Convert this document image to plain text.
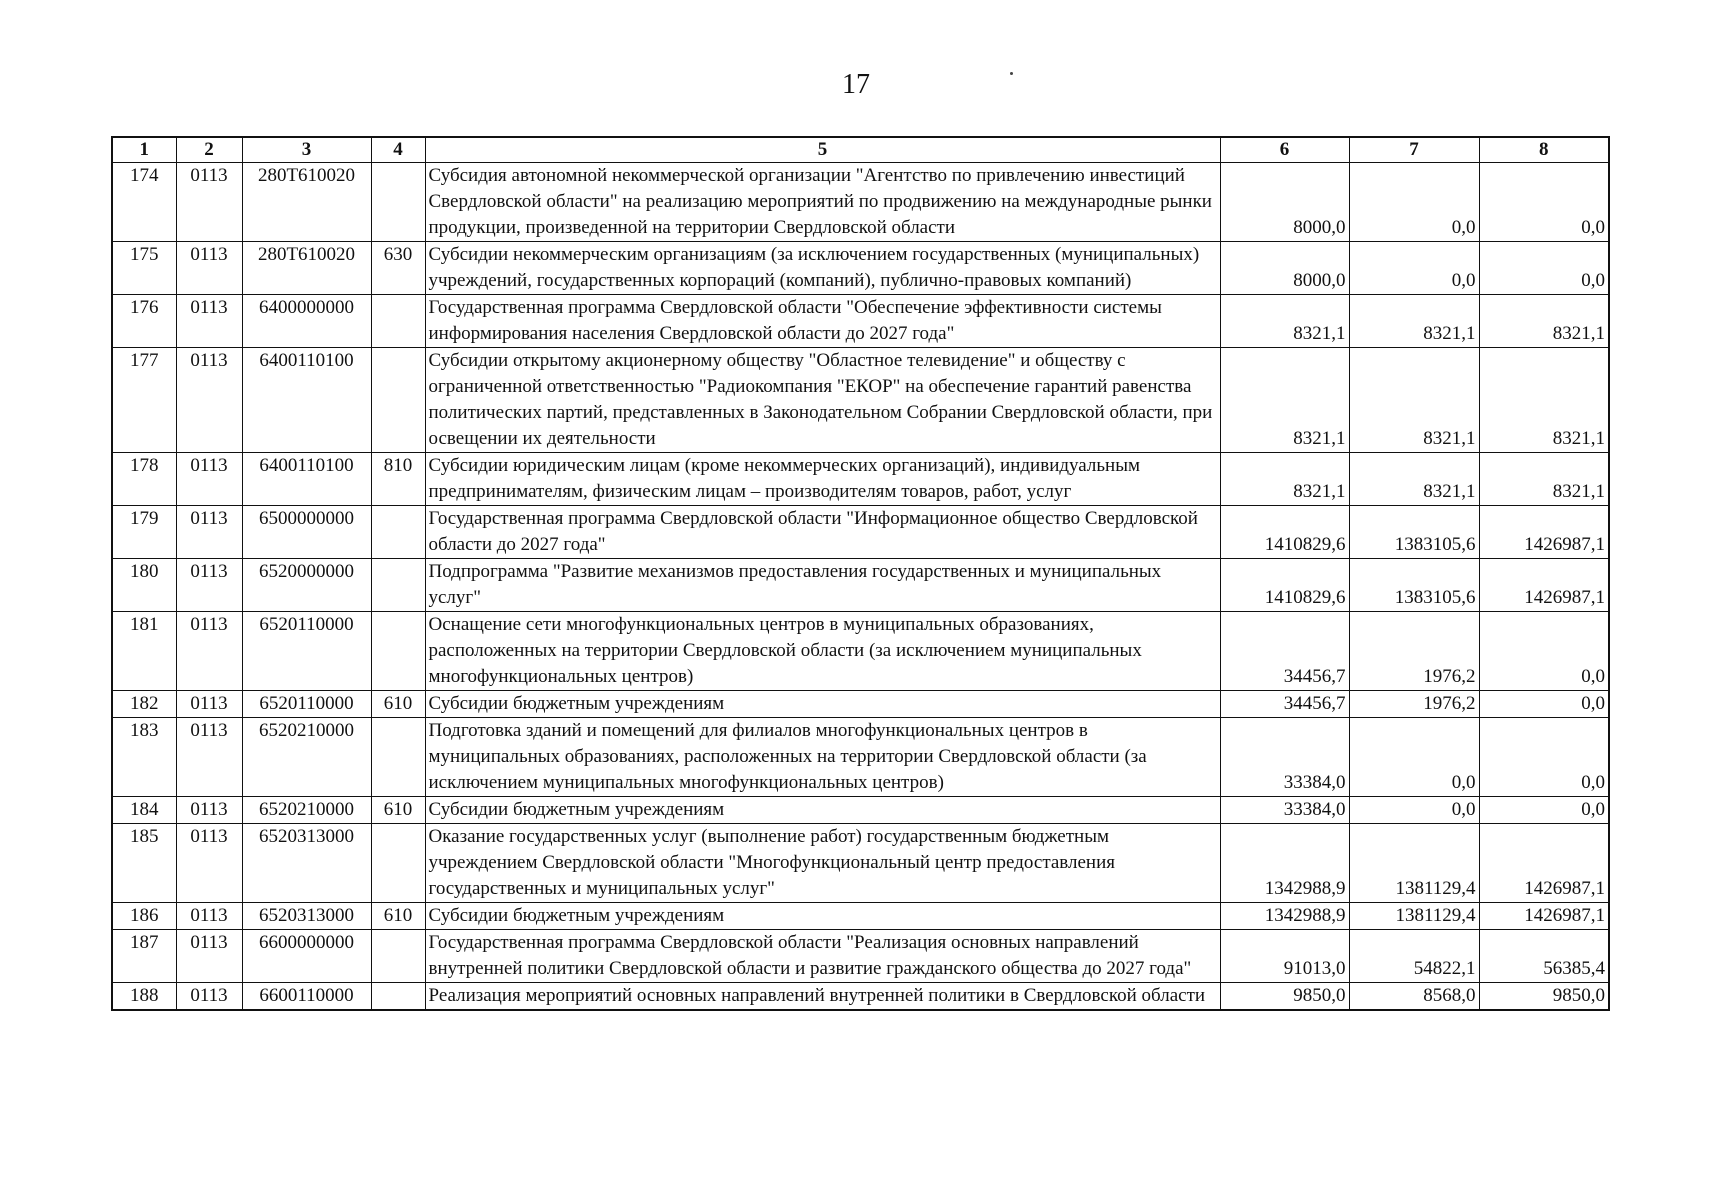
17
1	2	3	4	5	6	7	8
174	0113	280Т610020		Субсидия автономной некоммерческой организации "Агентство по привлечению инвестиций Свердловской области" на реализацию мероприятий по продвижению на международные рынки продукции, произведенной на территории Свердловской области	8000,0	0,0	0,0
175	0113	280Т610020	630	Субсидии некоммерческим организациям (за исключением государственных (муниципальных) учреждений, государственных корпораций (компаний), публично-правовых компаний)	8000,0	0,0	0,0
176	0113	6400000000		Государственная программа Свердловской области "Обеспечение эффективности системы информирования населения Свердловской области до 2027 года"	8321,1	8321,1	8321,1
177	0113	6400110100		Субсидии открытому акционерному обществу "Областное телевидение" и обществу с ограниченной ответственностью "Радиокомпания "ЕКОР" на обеспечение гарантий равенства политических партий, представленных в Законодательном Собрании Свердловской области, при освещении их деятельности	8321,1	8321,1	8321,1
178	0113	6400110100	810	Субсидии юридическим лицам (кроме некоммерческих организаций), индивидуальным предпринимателям, физическим лицам – производителям товаров, работ, услуг	8321,1	8321,1	8321,1
179	0113	6500000000		Государственная программа Свердловской области "Информационное общество Свердловской области до 2027 года"	1410829,6	1383105,6	1426987,1
180	0113	6520000000		Подпрограмма "Развитие механизмов предоставления государственных и муниципальных услуг"	1410829,6	1383105,6	1426987,1
181	0113	6520110000		Оснащение сети многофункциональных центров в муниципальных образованиях, расположенных на территории Свердловской области (за исключением муниципальных многофункциональных центров)	34456,7	1976,2	0,0
182	0113	6520110000	610	Субсидии бюджетным учреждениям	34456,7	1976,2	0,0
183	0113	6520210000		Подготовка зданий и помещений для филиалов многофункциональных центров в муниципальных образованиях, расположенных на территории Свердловской области (за исключением муниципальных многофункциональных центров)	33384,0	0,0	0,0
184	0113	6520210000	610	Субсидии бюджетным учреждениям	33384,0	0,0	0,0
185	0113	6520313000		Оказание государственных услуг (выполнение работ) государственным бюджетным учреждением Свердловской области "Многофункциональный центр предоставления государственных и муниципальных услуг"	1342988,9	1381129,4	1426987,1
186	0113	6520313000	610	Субсидии бюджетным учреждениям	1342988,9	1381129,4	1426987,1
187	0113	6600000000		Государственная программа Свердловской области "Реализация основных направлений внутренней политики Свердловской области и развитие гражданского общества до 2027 года"	91013,0	54822,1	56385,4
188	0113	6600110000		Реализация мероприятий основных направлений внутренней политики в Свердловской области	9850,0	8568,0	9850,0
